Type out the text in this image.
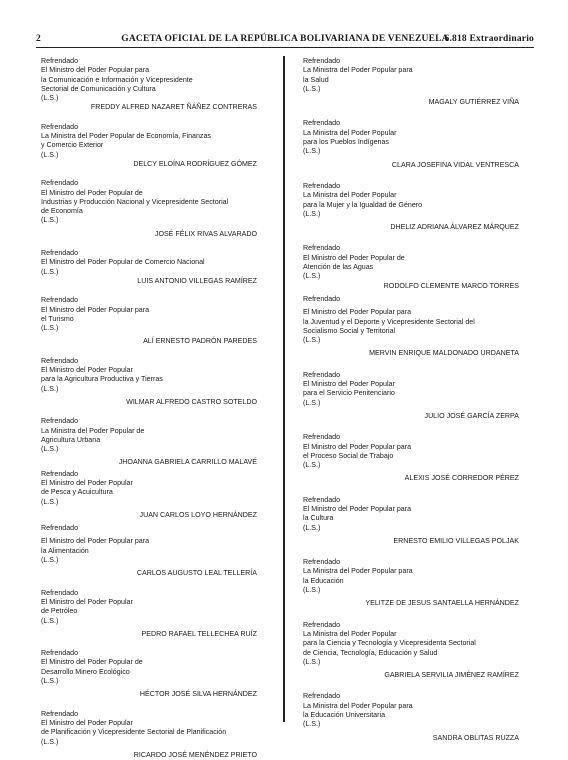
2	GACETA OFICIAL DE LA REPÚBLICA BOLIVARIANA DE VENEZUELA
6.818 Extraordinario
Refrendado
El Ministro del Poder Popular para
la Comunicación e Información y Vicepresidente
Sectorial de Comunicación y Cultura
(L.S.)
FREDDY ALFRED NAZARET ÑÁÑEZ CONTRERAS
Refrendado
La Ministra del Poder Popular de Economía, Finanzas
y Comercio Exterior
(L.S.)
DELCY ELOÍNA RODRÍGUEZ GÓMEZ
Refrendado
El Ministro del Poder Popular de
Industrias y Producción Nacional y Vicepresidente Sectorial
de Economía
(L.S.)
JOSÉ FÉLIX RIVAS ALVARADO
Refrendado
El Ministro del Poder Popular de Comercio Nacional
(L.S.)
LUIS ANTONIO VILLEGAS RAMÍREZ
Refrendado
El Ministro del Poder Popular para
el Turismo
(L.S.)
ALÍ ERNESTO PADRÓN PAREDES
Refrendado
El Ministro del Poder Popular
para la Agricultura Productiva y Tierras
(L.S.)
WILMAR ALFREDO CASTRO SOTELDO
Refrendado
La Ministra del Poder Popular de
Agricultura Urbana
(L.S.)
JHOANNA GABRIELA CARRILLO MALAVÉ
Refrendado
El Ministro del Poder Popular
de Pesca y Acuicultura
(L.S.)
JUAN CARLOS LOYO HERNÁNDEZ
Refrendado
El Ministro del Poder Popular para
la Alimentación
(L.S.)
CARLOS AUGUSTO LEAL TELLERÍA
Refrendado
El Ministro del Poder Popular
de Petróleo
(L.S.)
PEDRO RAFAEL TELLECHEA RUÍZ
Refrendado
El Ministro del Poder Popular de
Desarrollo Minero Ecológico
(L.S.)
HÉCTOR JOSÉ SILVA HERNÁNDEZ
Refrendado
El Ministro del Poder Popular
de Planificación y Vicepresidente Sectorial de Planificación
(L.S.)
RICARDO JOSÉ MENÉNDEZ PRIETO
Refrendado
La Ministra del Poder Popular para
la Salud
(L.S.)
MAGALY GUTIÉRREZ VIÑA
Refrendado
La Ministra del Poder Popular
para los Pueblos Indígenas
(L.S.)
CLARA JOSEFINA VIDAL VENTRESCA
Refrendado
La Ministra del Poder Popular
para la Mujer y la Igualdad de Género
(L.S.)
DHELIZ ADRIANA ÁLVAREZ MÁRQUEZ
Refrendado
El Ministro del Poder Popular de
Atención de las Aguas
(L.S.)
RODOLFO CLEMENTE MARCO TORRES
Refrendado
El Ministro del Poder Popular para
la Juventud y el Deporte y Vicepresidente Sectorial del
Socialismo Social y Territorial
(L.S.)
MERVIN ENRIQUE MALDONADO URDANETA
Refrendado
El Ministro del Poder Popular
para el Servicio Penitenciario
(L.S.)
JULIO JOSÉ GARCÍA ZERPA
Refrendado
El Ministro del Poder Popular para
el Proceso Social de Trabajo
(L.S.)
ALEXIS JOSÉ CORREDOR PÉREZ
Refrendado
El Ministro del Poder Popular para
la Cultura
(L.S.)
ERNESTO EMILIO VILLEGAS POLJAK
Refrendado
La Ministra del Poder Popular para
la Educación
(L.S.)
YELITZE DE JESUS SANTAELLA HERNÁNDEZ
Refrendado
La Ministra del Poder Popular
para la Ciencia y Tecnología y Vicepresidenta Sectorial
de Ciencia, Tecnología, Educación y Salud
(L.S.)
GABRIELA SERVILIA JIMÉNEZ RAMÍREZ
Refrendado
La Ministra del Poder Popular para
la Educación Universitaria
(L.S.)
SANDRA OBLITAS RUZZA
